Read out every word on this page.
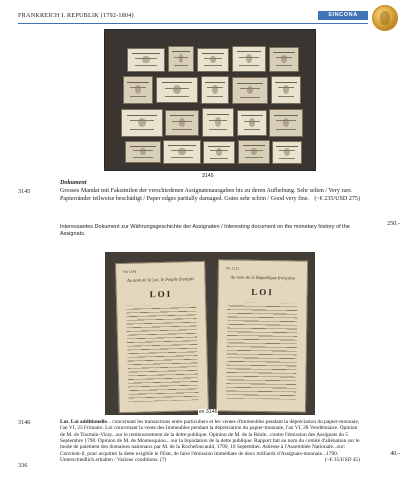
FRANKREICH I. REPUBLIK (1792-1804)	SINCONA
3145
Dokument
3145	Grosses Mandat mit Faksimilen der verschiedenen Assignatenausgaben bis zu deren Aufhebung. Sehr selten / Very rare. Papierränder teilweise beschädigt / Paper edges partially damaged. Gutes sehr schön / Good very fine. (~€ 235/USD 275)
Interessantes Dokument zur Währungsgeschichte der Assignaten / Interesting document on the monetary history of the Assignats.
250.-
No 1194
Au nom de la Loi, le Peuple français
LOI
No 1122
Au nom de la République française
LOI
ex 3146
3146	Lot. Loi additionelle... concernant les transactions entre particuliers et les ventes d'immeubles pendant la dépréciation du papier-monnaie, l'an VI, 23 Frimaire. Loi concernant la vente des Immeubles pendant la dépréciation du papier-monnaie, l'an VI, 28 Vendémiaire. Opinion de M. de Tourtain-Viray...sur le remboursement de la dette publique. Opinion de M. de la Réole...contre l'émission des Assignats du 5 Septembre 1790. Opinion de M. de Montesquiou... sur la liquidation de la dette publique. Rapport fait au nom du comité d'aliénation sur le mode de paiement des domaines nationaux par M. de la Rochefoucauld, 1790, 10 September. Adresse à l'Assemblée Nationale...sur: Convient-il, pour acquitter la dette exigible le l'Etat, de faire l'émission immédiate de deux milliards d'Assignats-monnaie...1790. Unterschiedlich erhalten / Various conditions. (7)	(~€ 35/USD 45)
40.-
336
